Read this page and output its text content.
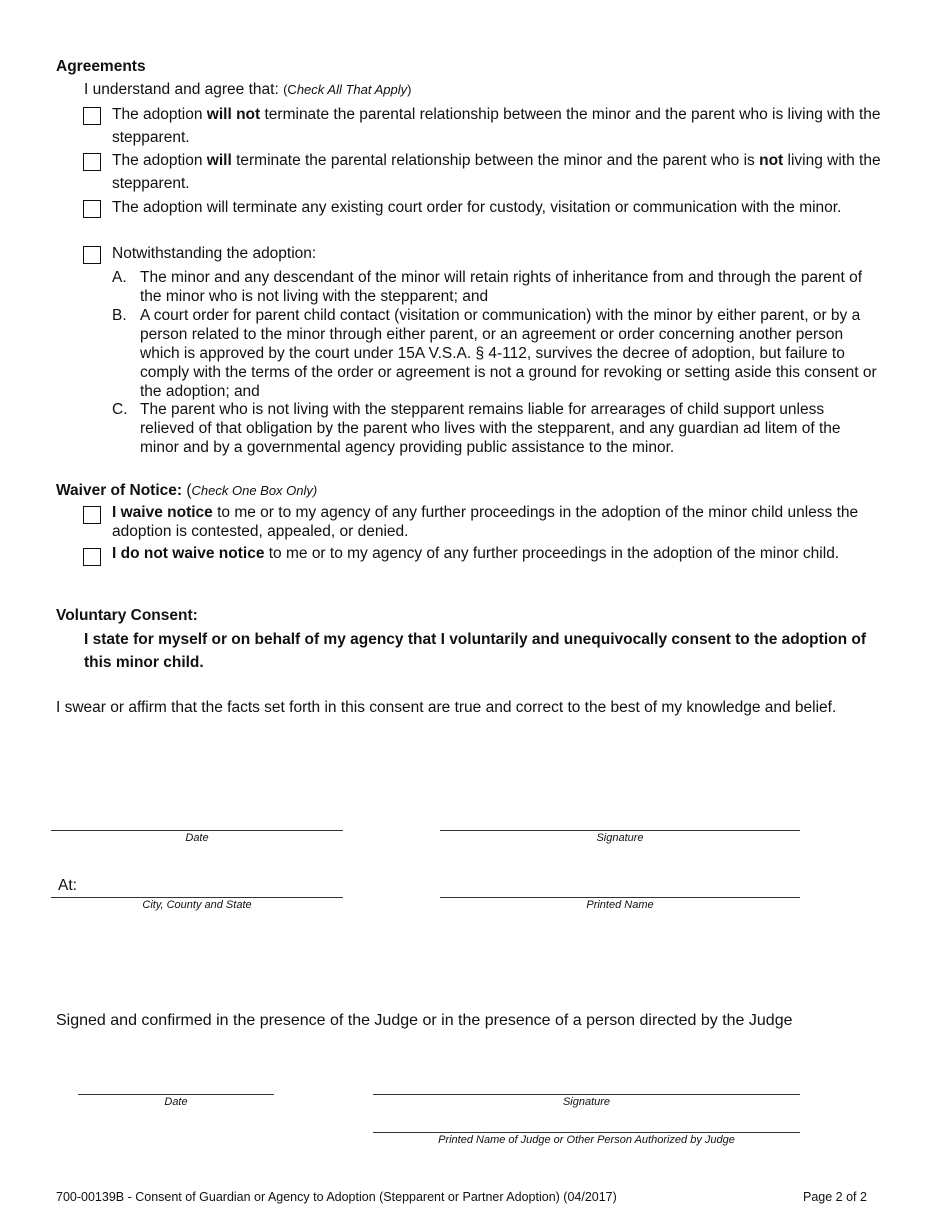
Agreements
I understand and agree that: (Check All That Apply)
The adoption will not terminate the parental relationship between the minor and the parent who is living with the stepparent.
The adoption will terminate the parental relationship between the minor and the parent who is not living with the stepparent.
The adoption will terminate any existing court order for custody, visitation or communication with the minor.
Notwithstanding the adoption:
A. The minor and any descendant of the minor will retain rights of inheritance from and through the parent of the minor who is not living with the stepparent; and
B. A court order for parent child contact (visitation or communication) with the minor by either parent, or by a person related to the minor through either parent, or an agreement or order concerning another person which is approved by the court under 15A V.S.A. § 4-112, survives the decree of adoption, but failure to comply with the terms of the order or agreement is not a ground for revoking or setting aside this consent or the adoption; and
C. The parent who is not living with the stepparent remains liable for arrearages of child support unless relieved of that obligation by the parent who lives with the stepparent, and any guardian ad litem of the minor and by a governmental agency providing public assistance to the minor.
Waiver of Notice: (Check One Box Only)
I waive notice to me or to my agency of any further proceedings in the adoption of the minor child unless the adoption is contested, appealed, or denied.
I do not waive notice to me or to my agency of any further proceedings in the adoption of the minor child.
Voluntary Consent:
I state for myself or on behalf of my agency that I voluntarily and unequivocally consent to the adoption of this minor child.
I swear or affirm that the facts set forth in this consent are true and correct to the best of my knowledge and belief.
Date	Signature
At:
City, County and State	Printed Name
Signed and confirmed in the presence of the Judge or in the presence of a person directed by the Judge
Date	Signature
Printed Name of Judge or Other Person Authorized by Judge
700-00139B - Consent of Guardian or Agency to Adoption (Stepparent or Partner Adoption) (04/2017)	Page 2 of 2
